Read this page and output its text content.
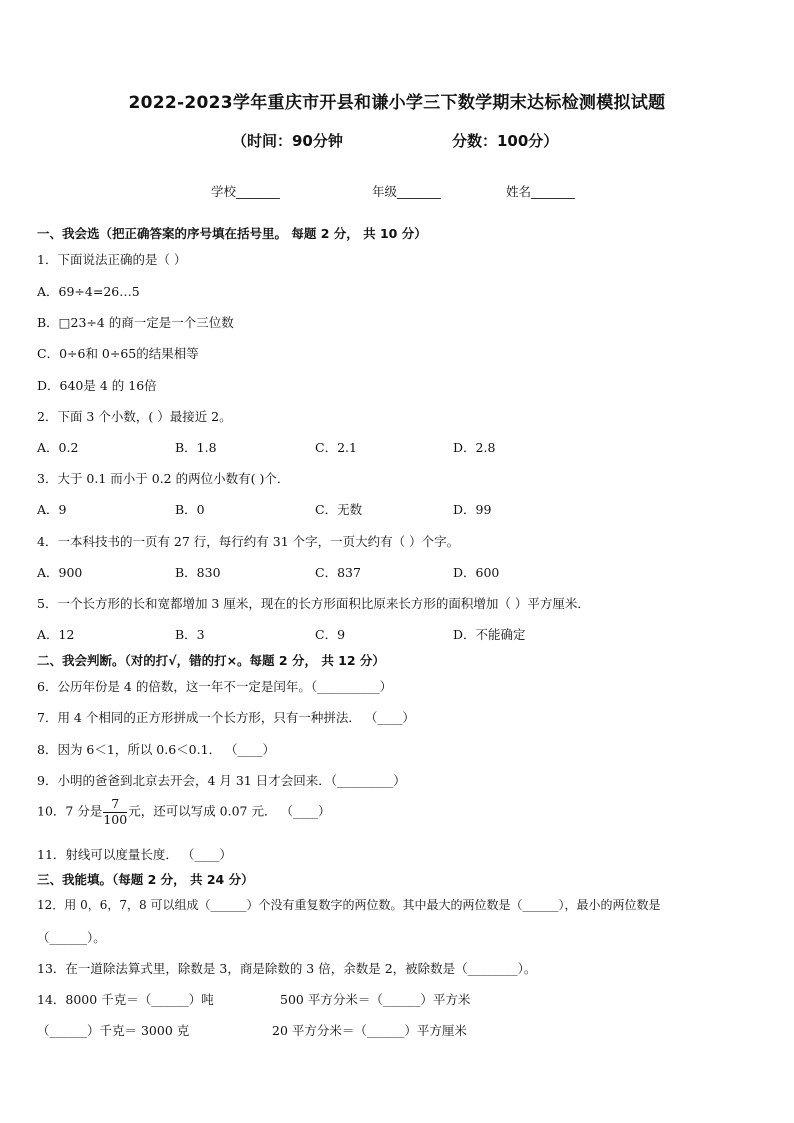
2022-2023学年重庆市开县和谦小学三下数学期末达标检测模拟试题
（时间：90分钟	分数：100分）
学校_______	年级_______	姓名_______
一、我会选（把正确答案的序号填在括号里。 每题 2 分， 共 10 分）
1．下面说法正确的是（ ）
A．69÷4=26…5
B．□23÷4 的商一定是一个三位数
C．0÷6和 0÷65的结果相等
D．640是 4 的 16倍
2．下面 3 个小数，( ）最接近 2。
A．0.2	B．1.8	C．2.1	D．2.8
3．大于 0.1 而小于 0.2 的两位小数有( )个．
A．9	B．0	C．无数	D．99
4．一本科技书的一页有 27 行，每行约有 31 个字，一页大约有（ ）个字。
A．900	B．830	C．837	D．600
5．一个长方形的长和宽都增加 3 厘米，现在的长方形面积比原来长方形的面积增加（ ）平方厘米．
A．12	B．3	C．9	D．不能确定
二、我会判断。（对的打√，错的打×。每题 2 分， 共 12 分）
6．公历年份是 4 的倍数，这一年不一定是闰年。（__________）
7．用 4 个相同的正方形拼成一个长方形，只有一种拼法． （____）
8．因为 6＜1，所以 0.6＜0.1． （____）
9．小明的爸爸到北京去开会，4 月 31 日才会回来．（_________）
10．7 分是 $\frac{7}{100}$ 元，还可以写成 0.07 元． （____）
11．射线可以度量长度． （____）
三、我能填。（每题 2 分， 共 24 分）
12．用 0，6，7，8 可以组成（______）个没有重复数字的两位数。其中最大的两位数是（______），最小的两位数是
（______）。
13．在一道除法算式里，除数是 3，商是除数的 3 倍，余数是 2，被除数是（________）。
14．8000 千克＝（______）吨	500 平方分米＝（______）平方米
（______）千克＝ 3000 克	20 平方分米＝（______）平方厘米
